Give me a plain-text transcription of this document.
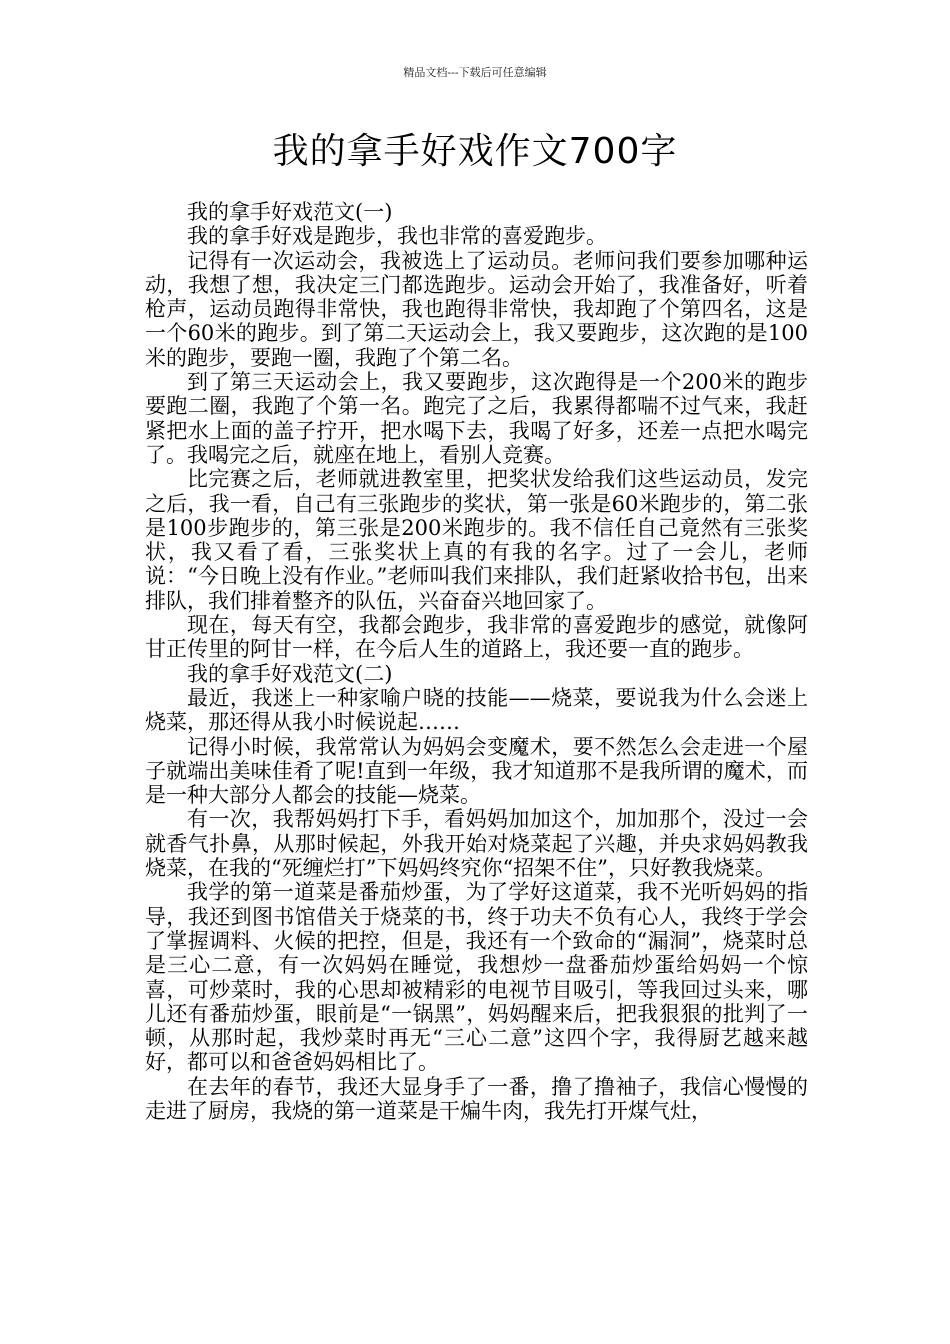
精品文档---下载后可任意编辑
我的拿手好戏作文700字

我的拿手好戏范文(一)

我的拿手好戏是跑步，我也非常的喜爱跑步。

记得有一次运动会，我被选上了运动员。老师问我们要参加哪种运动，我想了想，我决定三门都选跑步。运动会开始了，我准备好，听着枪声，运动员跑得非常快，我也跑得非常快，我却跑了个第四名，这是一个60米的跑步。到了第二天运动会上，我又要跑步，这次跑的是100米的跑步，要跑一圈，我跑了个第二名。

到了第三天运动会上，我又要跑步，这次跑得是一个200米的跑步要跑二圈，我跑了个第一名。跑完了之后，我累得都喘不过气来，我赶紧把水上面的盖子拧开，把水喝下去，我喝了好多，还差一点把水喝完了。我喝完之后，就座在地上，看别人竞赛。

比完赛之后，老师就进教室里，把奖状发给我们这些运动员，发完之后，我一看，自己有三张跑步的奖状，第一张是60米跑步的，第二张是100步跑步的，第三张是200米跑步的。我不信任自己竟然有三张奖状，我又看了看，三张奖状上真的有我的名字。过了一会儿，老师说：“今日晚上没有作业。”老师叫我们来排队，我们赶紧收拾书包，出来排队，我们排着整齐的队伍，兴奋奋兴地回家了。

现在，每天有空，我都会跑步，我非常的喜爱跑步的感觉，就像阿甘正传里的阿甘一样，在今后人生的道路上，我还要一直的跑步。

我的拿手好戏范文(二)

最近，我迷上一种家喻户晓的技能——烧菜，要说我为什么会迷上烧菜，那还得从我小时候说起……

记得小时候，我常常认为妈妈会变魔术，要不然怎么会走进一个屋子就端出美味佳肴了呢!直到一年级，我才知道那不是我所谓的魔术，而是一种大部分人都会的技能—烧菜。

有一次，我帮妈妈打下手，看妈妈加加这个，加加那个，没过一会就香气扑鼻，从那时候起，外我开始对烧菜起了兴趣，并央求妈妈教我烧菜，在我的“死缠烂打”下妈妈终究你“招架不住”，只好教我烧菜。

我学的第一道菜是番茄炒蛋，为了学好这道菜，我不光听妈妈的指导，我还到图书馆借关于烧菜的书，终于功夫不负有心人，我终于学会了掌握调料、火候的把控，但是，我还有一个致命的“漏洞”，烧菜时总是三心二意，有一次妈妈在睡觉，我想炒一盘番茄炒蛋给妈妈一个惊喜，可炒菜时，我的心思却被精彩的电视节目吸引，等我回过头来，哪儿还有番茄炒蛋，眼前是“一锅黑”，妈妈醒来后，把我狠狠的批判了一顿，从那时起，我炒菜时再无“三心二意”这四个字，我得厨艺越来越好，都可以和爸爸妈妈相比了。

在去年的春节，我还大显身手了一番，撸了撸袖子，我信心慢慢的走进了厨房，我烧的第一道菜是干煸牛肉，我先打开煤气灶，
